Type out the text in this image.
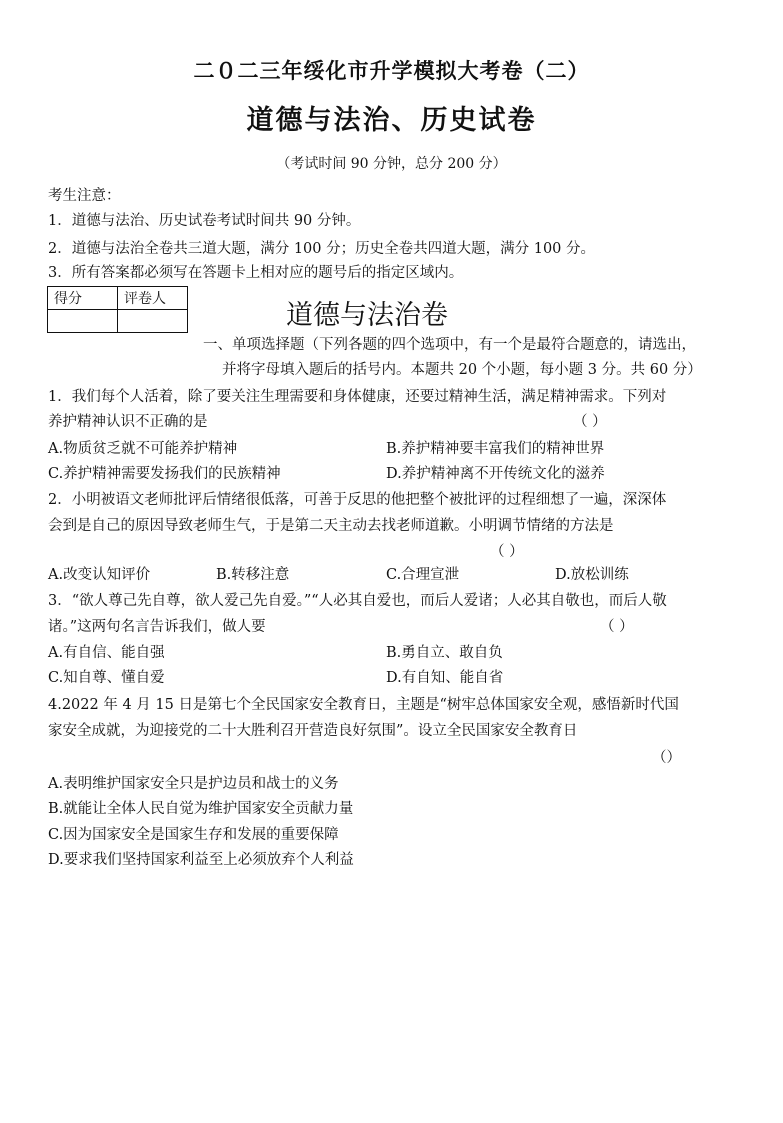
二０二三年绥化市升学模拟大考卷（二）
道德与法治、历史试卷
（考试时间 90 分钟，总分 200 分）
考生注意：
1．道德与法治、历史试卷考试时间共 90 分钟。
2．道德与法治全卷共三道大题，满分 100 分；历史全卷共四道大题，满分 100 分。
3．所有答案都必须写在答题卡上相对应的题号后的指定区域内。
得分	评卷人

道德与法治卷
一、单项选择题（下列各题的四个选项中，有一个是最符合题意的，请选出，
并将字母填入题后的括号内。本题共 20 个小题，每小题 3 分。共 60 分）
1．我们每个人活着，除了要关注生理需要和身体健康，还要过精神生活，满足精神需求。下列对
养护精神认识不正确的是	（ ）
A.物质贫乏就不可能养护精神	B.养护精神要丰富我们的精神世界
C.养护精神需要发扬我们的民族精神	D.养护精神离不开传统文化的滋养
2．小明被语文老师批评后情绪很低落，可善于反思的他把整个被批评的过程细想了一遍，深深体
会到是自己的原因导致老师生气，于是第二天主动去找老师道歉。小明调节情绪的方法是
（ ）
A.改变认知评价	B.转移注意	C.合理宣泄	D.放松训练
3．“欲人尊己先自尊，欲人爱己先自爱。”“人必其自爱也，而后人爱诸；人必其自敬也，而后人敬
诸。”这两句名言告诉我们，做人要	（ ）
A.有自信、能自强	B.勇自立、敢自负
C.知自尊、懂自爱	D.有自知、能自省
4.2022 年 4 月 15 日是第七个全民国家安全教育日，主题是“树牢总体国家安全观，感悟新时代国
家安全成就，为迎接党的二十大胜利召开营造良好氛围”。设立全民国家安全教育日
（）
A.表明维护国家安全只是护边员和战士的义务
B.就能让全体人民自觉为维护国家安全贡献力量
C.因为国家安全是国家生存和发展的重要保障
D.要求我们坚持国家利益至上必须放弃个人利益
